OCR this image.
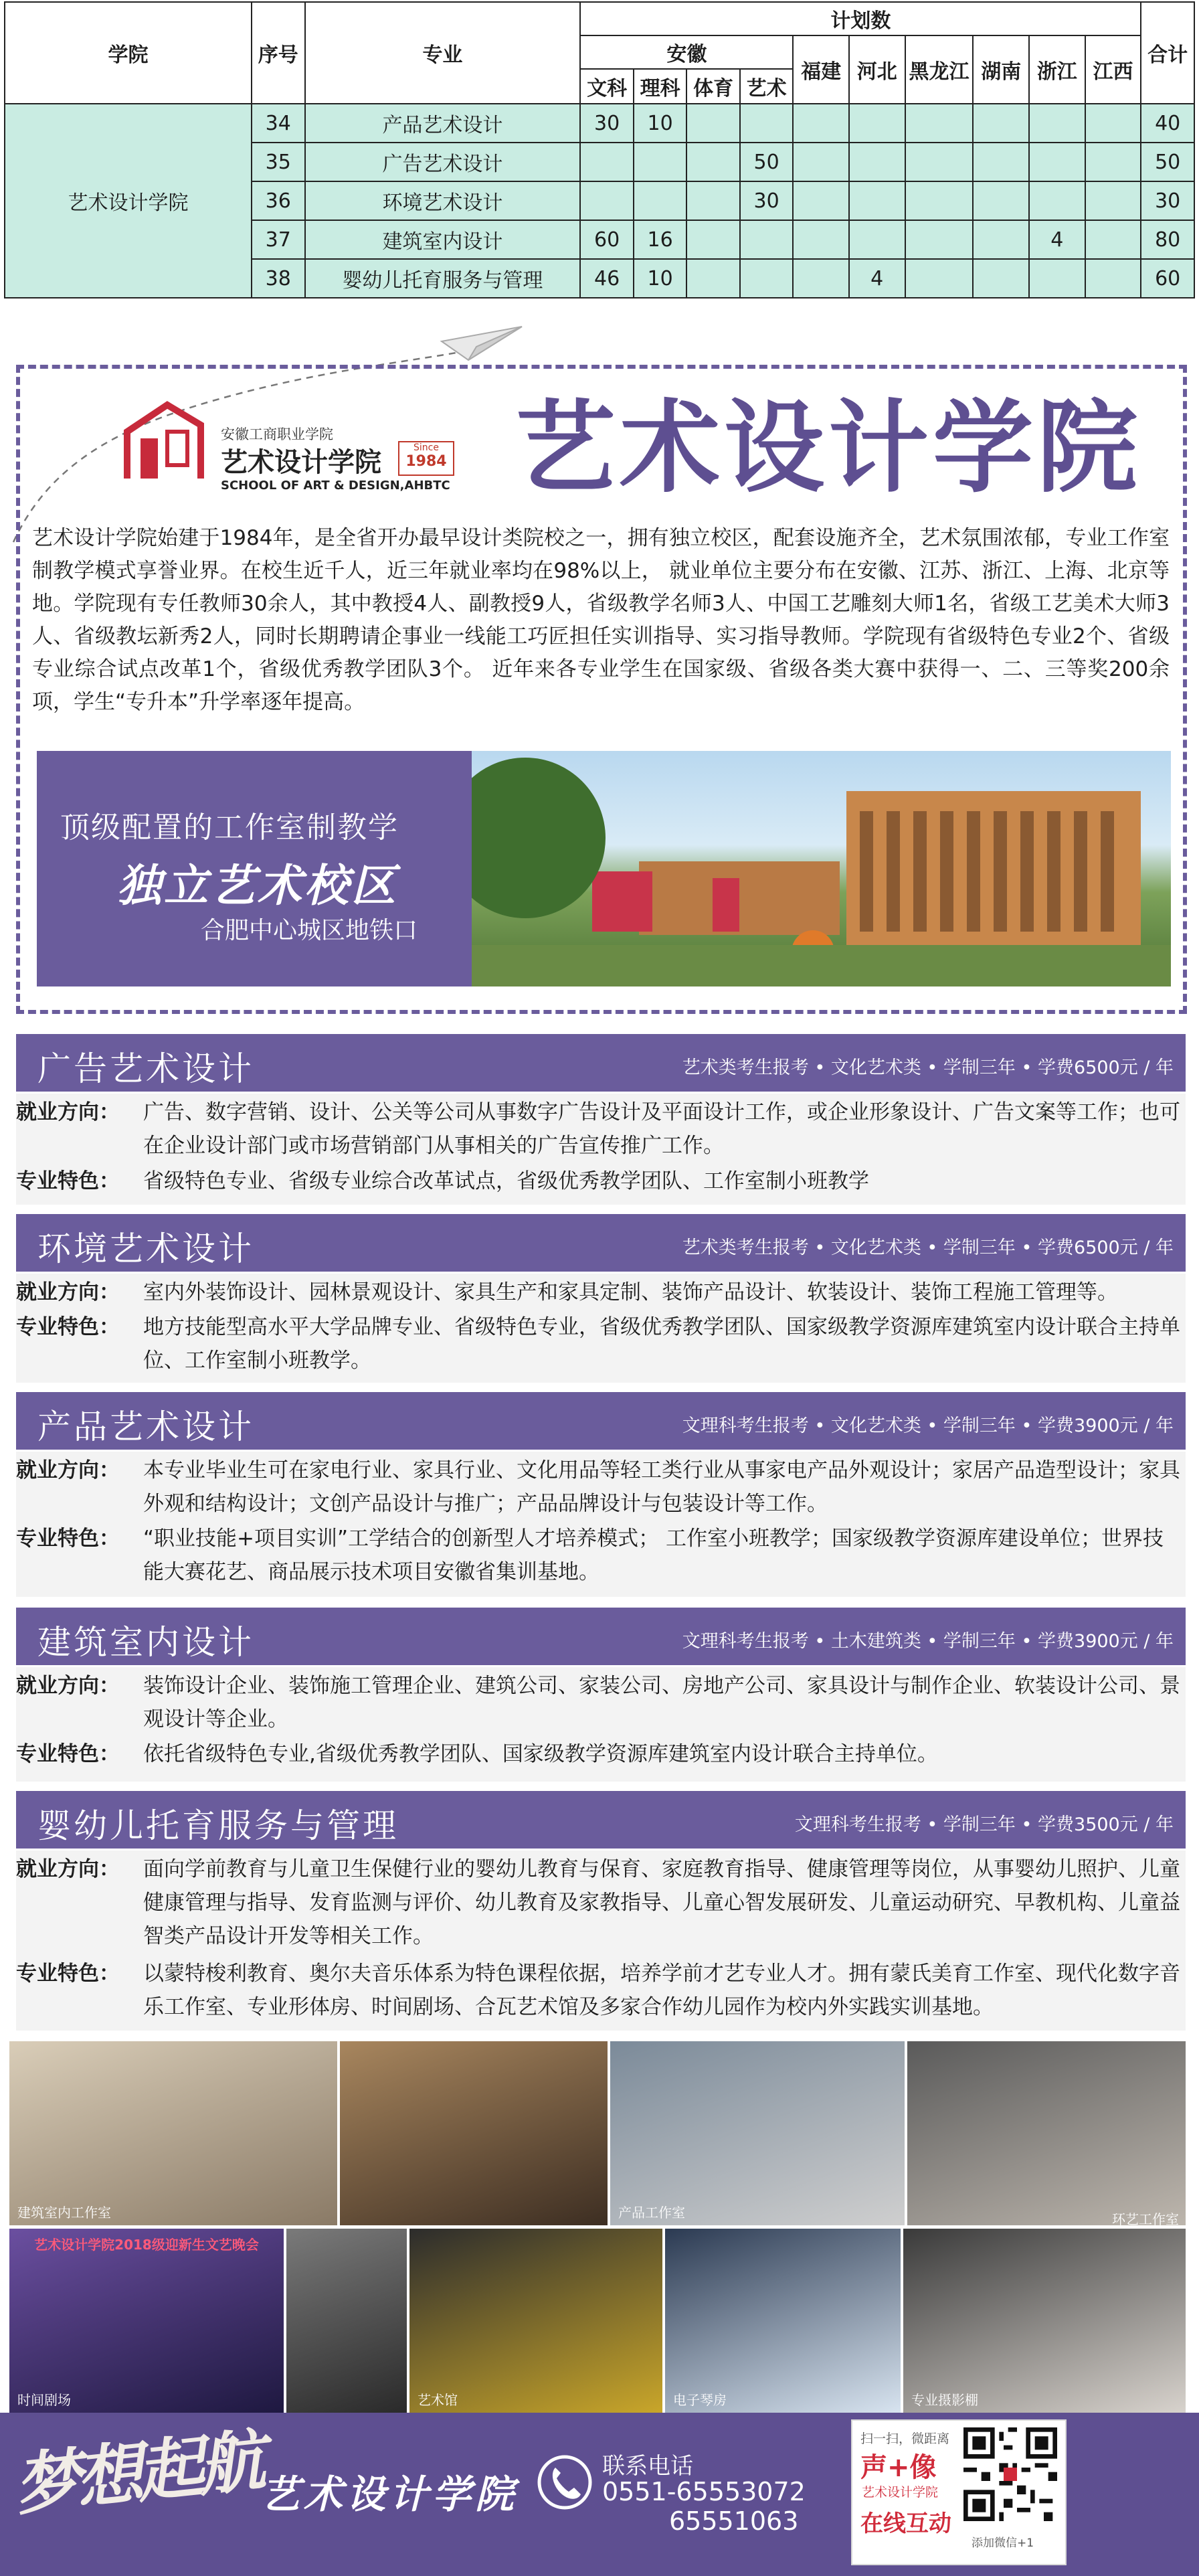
学院	序号	专业	计划数										合计
			安徽				福建	河北	黑龙江	湖南	浙江	江西	
			文科	理科	体育	艺术							
艺术设计学院	34	产品艺术设计	30	10									40
	35	广告艺术设计				50							50
	36	环境艺术设计				30							30
	37	建筑室内设计	60	16							4		80
	38	婴幼儿托育服务与管理	46	10				4					60
安徽工商职业学院
艺术设计学院	Since
1984
SCHOOL OF ART & DESIGN,AHBTC 艺术设计学院
艺术设计学院始建于1984年，是全省开办最早设计类院校之一，拥有独立校区，配套设施齐全，艺术氛围浓郁，专业工作室制教学模式享誉业界。在校生近千人，近三年就业率均在98%以上， 就业单位主要分布在安徽、江苏、浙江、上海、北京等地。学院现有专任教师30余人，其中教授4人、副教授9人，省级教学名师3人、中国工艺雕刻大师1名，省级工艺美术大师3人、省级教坛新秀2人，同时长期聘请企事业一线能工巧匠担任实训指导、实习指导教师。学院现有省级特色专业2个、省级专业综合试点改革1个，省级优秀教学团队3个。 近年来各专业学生在国家级、省级各类大赛中获得一、二、三等奖200余项，学生“专升本”升学率逐年提高。
顶级配置的工作室制教学
独立艺术校区
合肥中心城区地铁口
广告艺术设计	艺术类考生报考 • 文化艺术类 • 学制三年 • 学费6500元 / 年
就业方向： 广告、数字营销、设计、公关等公司从事数字广告设计及平面设计工作，或企业形象设计、广告文案等工作；也可在企业设计部门或市场营销部门从事相关的广告宣传推广工作。
专业特色： 省级特色专业、省级专业综合改革试点，省级优秀教学团队、工作室制小班教学
环境艺术设计	艺术类考生报考 • 文化艺术类 • 学制三年 • 学费6500元 / 年
就业方向： 室内外装饰设计、园林景观设计、家具生产和家具定制、装饰产品设计、软装设计、装饰工程施工管理等。
专业特色： 地方技能型高水平大学品牌专业、省级特色专业，省级优秀教学团队、国家级教学资源库建筑室内设计联合主持单位、工作室制小班教学。
产品艺术设计	文理科考生报考 • 文化艺术类 • 学制三年 • 学费3900元 / 年
就业方向： 本专业毕业生可在家电行业、家具行业、文化用品等轻工类行业从事家电产品外观设计；家居产品造型设计；家具外观和结构设计；文创产品设计与推广；产品品牌设计与包装设计等工作。
专业特色： “职业技能+项目实训”工学结合的创新型人才培养模式； 工作室小班教学；国家级教学资源库建设单位；世界技能大赛花艺、商品展示技术项目安徽省集训基地。
建筑室内设计	文理科考生报考 • 土木建筑类 • 学制三年 • 学费3900元 / 年
就业方向： 装饰设计企业、装饰施工管理企业、建筑公司、家装公司、房地产公司、家具设计与制作企业、软装设计公司、景观设计等企业。
专业特色： 依托省级特色专业,省级优秀教学团队、国家级教学资源库建筑室内设计联合主持单位。
婴幼儿托育服务与管理	文理科考生报考 • 学制三年 • 学费3500元 / 年
就业方向： 面向学前教育与儿童卫生保健行业的婴幼儿教育与保育、家庭教育指导、健康管理等岗位，从事婴幼儿照护、儿童健康管理与指导、发育监测与评价、幼儿教育及家教指导、儿童心智发展研发、儿童运动研究、早教机构、儿童益智类产品设计开发等相关工作。
专业特色： 以蒙特梭利教育、奥尔夫音乐体系为特色课程依据，培养学前才艺专业人才。拥有蒙氏美育工作室、现代化数字音乐工作室、专业形体房、时间剧场、合瓦艺术馆及多家合作幼儿园作为校内外实践实训基地。
建筑室内工作室	产品工作室
艺术设计学院2018级迎新生文艺晚会
时间剧场	艺术馆	电子琴房	专业摄影棚
环艺工作室
梦想起航
艺术设计学院
联系电话
0551-65553072
65551063
扫一扫，微距离
声+像
艺术设计学院
在线互动
添加微信+1
